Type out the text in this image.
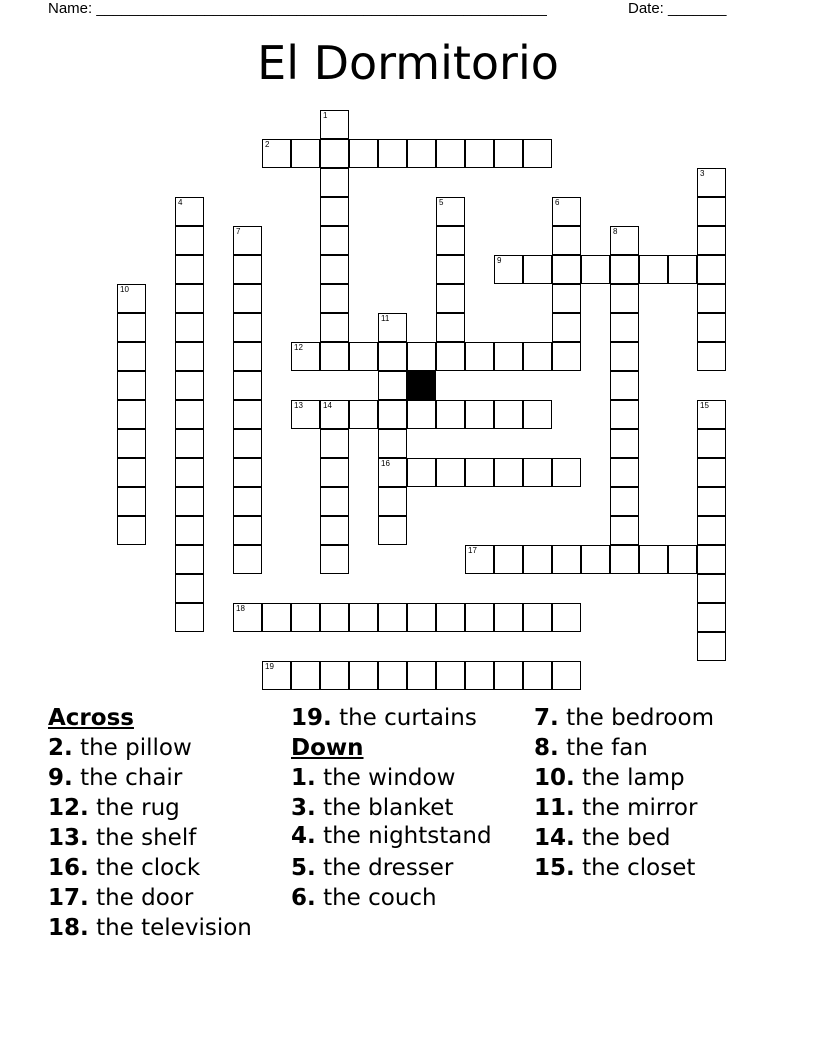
Name: ______________________________________________________	Date: _______
El Dormitorio
1
2
3
4	5	6
7	8
9
10
11
16
12
13	14	15
17
18
19
Across
2. the pillow
9. the chair
12. the rug
13. the shelf
16. the clock
17. the door
18. the television
19. the curtains
Down
1. the window
3. the blanket
4. the nightstand
5. the dresser
6. the couch
7. the bedroom
8. the fan
10. the lamp
11. the mirror
14. the bed
15. the closet
